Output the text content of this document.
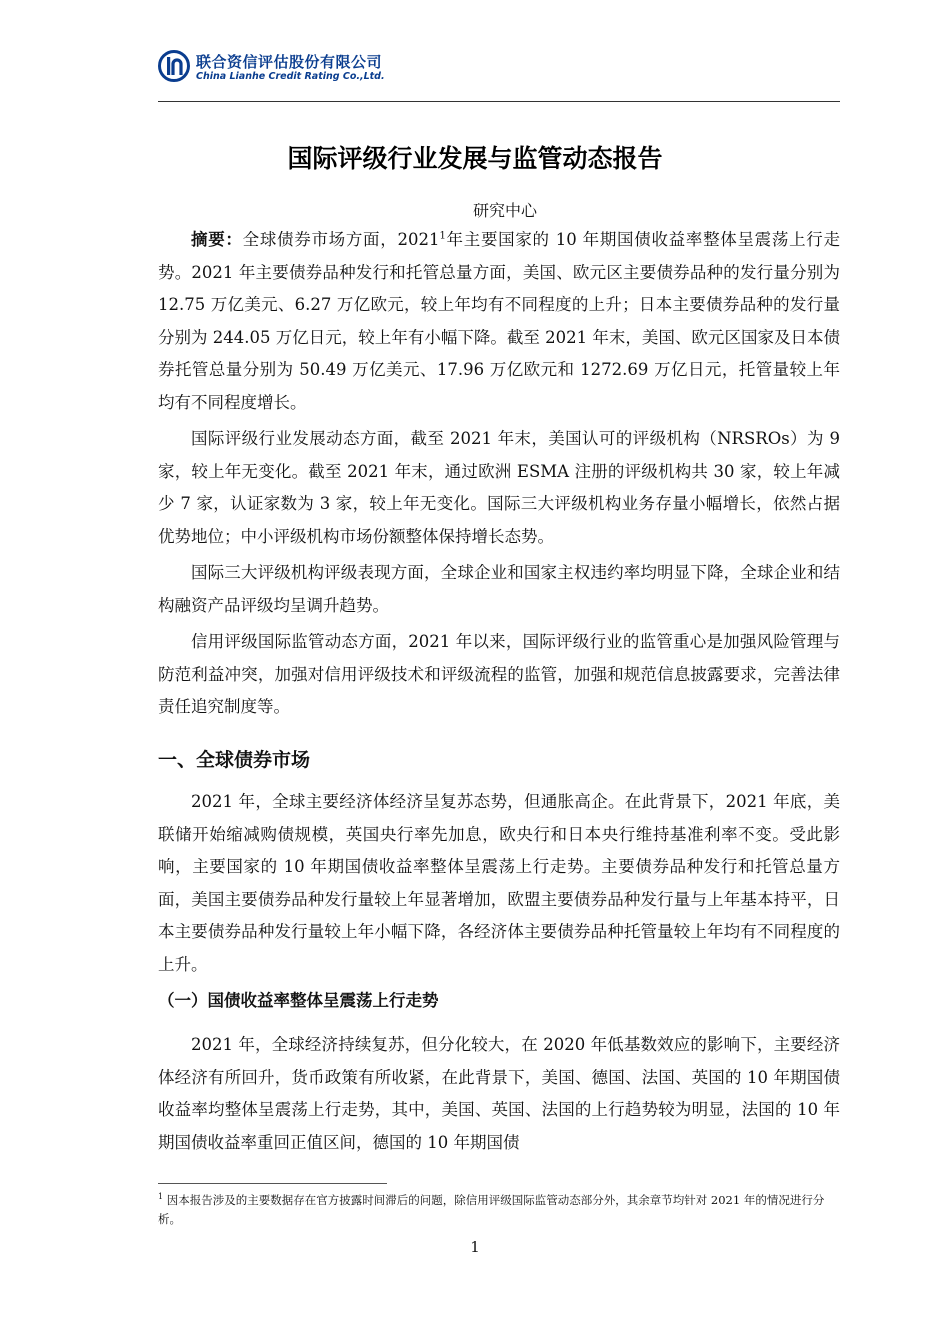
联合资信评估股份有限公司
China Lianhe Credit Rating Co.,Ltd.
国际评级行业发展与监管动态报告
研究中心

摘要：全球债券市场方面，2021$^1$年主要国家的 10 年期国债收益率整体呈震荡上行走势。2021 年主要债券品种发行和托管总量方面，美国、欧元区主要债券品种的发行量分别为 12.75 万亿美元、6.27 万亿欧元，较上年均有不同程度的上升；日本主要债券品种的发行量分别为 244.05 万亿日元，较上年有小幅下降。截至 2021 年末，美国、欧元区国家及日本债券托管总量分别为 50.49 万亿美元、17.96 万亿欧元和 1272.69 万亿日元，托管量较上年均有不同程度增长。

国际评级行业发展动态方面，截至 2021 年末，美国认可的评级机构（NRSROs）为 9 家，较上年无变化。截至 2021 年末，通过欧洲 ESMA 注册的评级机构共 30 家，较上年减少 7 家，认证家数为 3 家，较上年无变化。国际三大评级机构业务存量小幅增长，依然占据优势地位；中小评级机构市场份额整体保持增长态势。

国际三大评级机构评级表现方面，全球企业和国家主权违约率均明显下降，全球企业和结构融资产品评级均呈调升趋势。

信用评级国际监管动态方面，2021 年以来，国际评级行业的监管重心是加强风险管理与防范利益冲突，加强对信用评级技术和评级流程的监管，加强和规范信息披露要求，完善法律责任追究制度等。

一、全球债券市场

2021 年，全球主要经济体经济呈复苏态势，但通胀高企。在此背景下，2021 年底，美联储开始缩减购债规模，英国央行率先加息，欧央行和日本央行维持基准利率不变。受此影响，主要国家的 10 年期国债收益率整体呈震荡上行走势。主要债券品种发行和托管总量方面，美国主要债券品种发行量较上年显著增加，欧盟主要债券品种发行量与上年基本持平，日本主要债券品种发行量较上年小幅下降，各经济体主要债券品种托管量较上年均有不同程度的上升。

（一）国债收益率整体呈震荡上行走势

2021 年，全球经济持续复苏，但分化较大，在 2020 年低基数效应的影响下，主要经济体经济有所回升，货币政策有所收紧，在此背景下，美国、德国、法国、英国的 10 年期国债收益率均整体呈震荡上行走势，其中，美国、英国、法国的上行趋势较为明显，法国的 10 年期国债收益率重回正值区间，德国的 10 年期国债

$^1$ 因本报告涉及的主要数据存在官方披露时间滞后的问题，除信用评级国际监管动态部分外，其余章节均针对 2021 年的情况进行分析。

1
